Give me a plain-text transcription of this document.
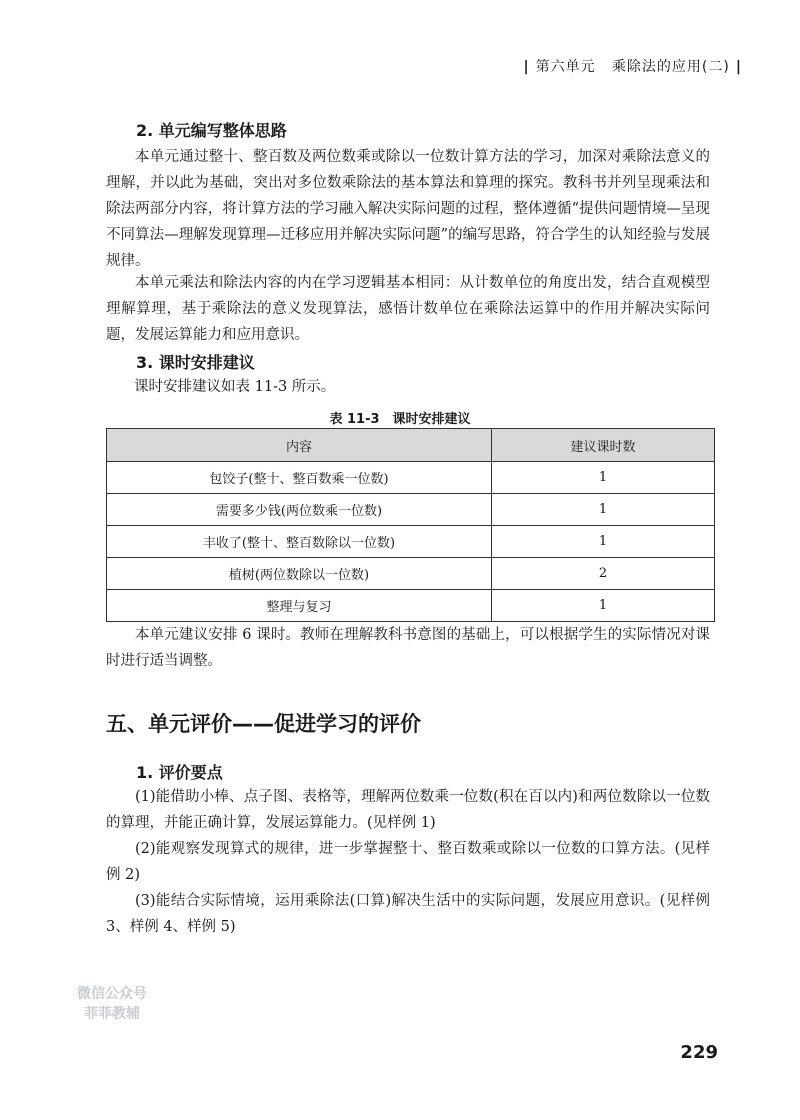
| 第六单元 乘除法的应用(二) |
2. 单元编写整体思路

本单元通过整十、整百数及两位数乘或除以一位数计算方法的学习，加深对乘除法意义的理解，并以此为基础，突出对多位数乘除法的基本算法和算理的探究。教科书并列呈现乘法和除法两部分内容，将计算方法的学习融入解决实际问题的过程，整体遵循“提供问题情境—呈现不同算法—理解发现算理—迁移应用并解决实际问题”的编写思路，符合学生的认知经验与发展规律。

本单元乘法和除法内容的内在学习逻辑基本相同：从计数单位的角度出发，结合直观模型理解算理，基于乘除法的意义发现算法，感悟计数单位在乘除法运算中的作用并解决实际问题，发展运算能力和应用意识。

3. 课时安排建议

课时安排建议如表 11-3 所示。

表 11-3　课时安排建议
内容	建议课时数
包饺子(整十、整百数乘一位数)	1
需要多少钱(两位数乘一位数)	1
丰收了(整十、整百数除以一位数)	1
植树(两位数除以一位数)	2
整理与复习	1

本单元建议安排 6 课时。教师在理解教科书意图的基础上，可以根据学生的实际情况对课时进行适当调整。

五、单元评价——促进学习的评价
1. 评价要点

(1)能借助小棒、点子图、表格等，理解两位数乘一位数(积在百以内)和两位数除以一位数的算理，并能正确计算，发展运算能力。(见样例 1)

(2)能观察发现算式的规律，进一步掌握整十、整百数乘或除以一位数的口算方法。(见样例 2)

(3)能结合实际情境，运用乘除法(口算)解决生活中的实际问题，发展应用意识。(见样例 3、样例 4、样例 5)

微信公众号
菲菲教辅
229
